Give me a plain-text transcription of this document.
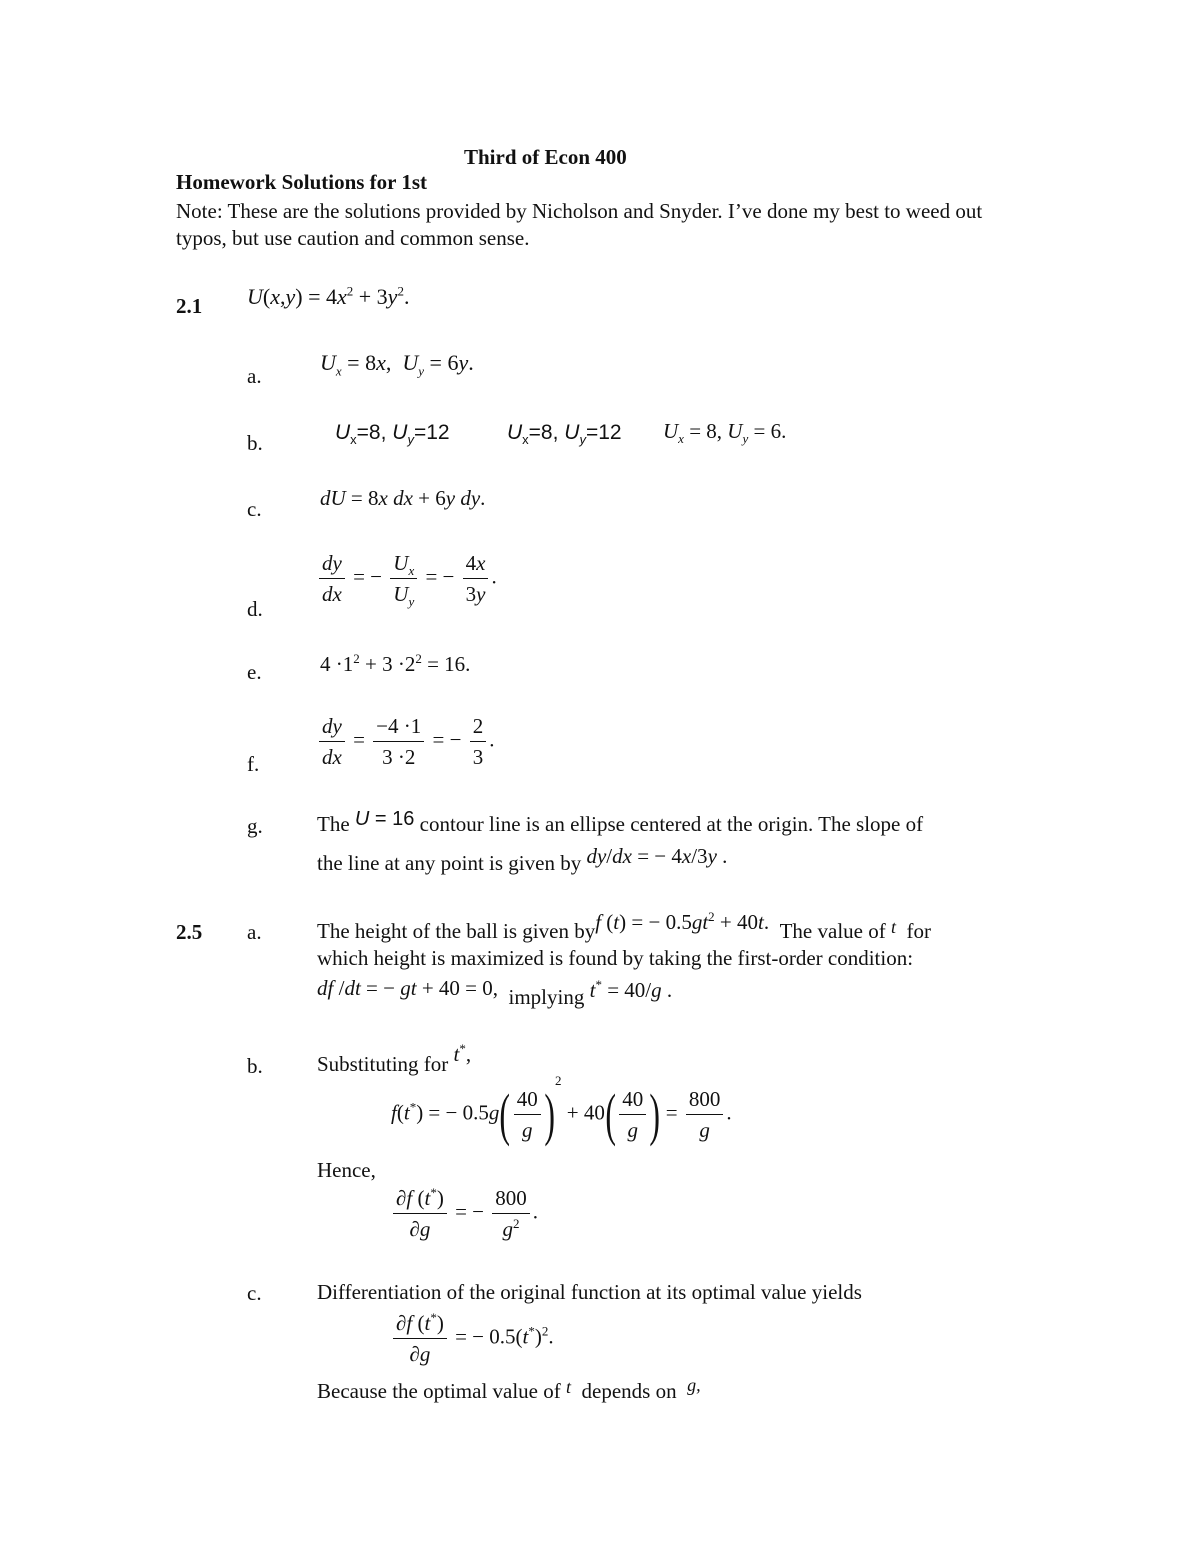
Third of Econ 400
Homework Solutions for 1st
Note: These are the solutions provided by Nicholson and Snyder. I’ve done my best to weed out typos, but use caution and common sense.
2.1 $U(x,y) = 4x^2 + 3y^2$.
a.
$U_x = 8x$,  $U_y = 6y$.
b.	$U_x=8$, $U_y=12$	$U_x=8$, $U_y=12$ $U_x = 8$, $U_y = 6$.
c.	dU = 8x dx + 6y dy.
d.	$\frac{dy}{dx}$ = − $\frac{U_x}{U_y}$ = − $\frac{4x}{3y}$ .
e.	$4 \cdot 1^2 + 3 \cdot 2^2 = 16$.
f.	$\frac{dy}{dx} = \frac{-4 \cdot 1}{3 \cdot 2}$ = − $\frac{2}{3}$ .
g.	The U = 16 contour line is an ellipse centered at the origin. The slope of
the line at any point is given by dy/dx = − 4x/3y .
2.5 a.	The height of the ball is given byf (t) = − $0.5gt^2 + 40t$. The value of t for
which height is maximized is found by taking the first-order condition:
df /dt = − gt + 40 = 0, implying t* = 40/g .
b.	Substituting for t*,
f(t*) = − $0.5g( \frac{40}{g} )^2 + 40( \frac{40}{g}$ ) = $\frac{800}{g}$ .
Hence,
$\frac{\partial f (t^*)}{\partial g}$ = − $\frac{800}{g^2}$ .
c.	Differentiation of the original function at its optimal value yields
$\frac{\partial f (t^*)}{\partial g}$ = − $0.5(t^*)^2$.
Because the optimal value of t depends on g,
